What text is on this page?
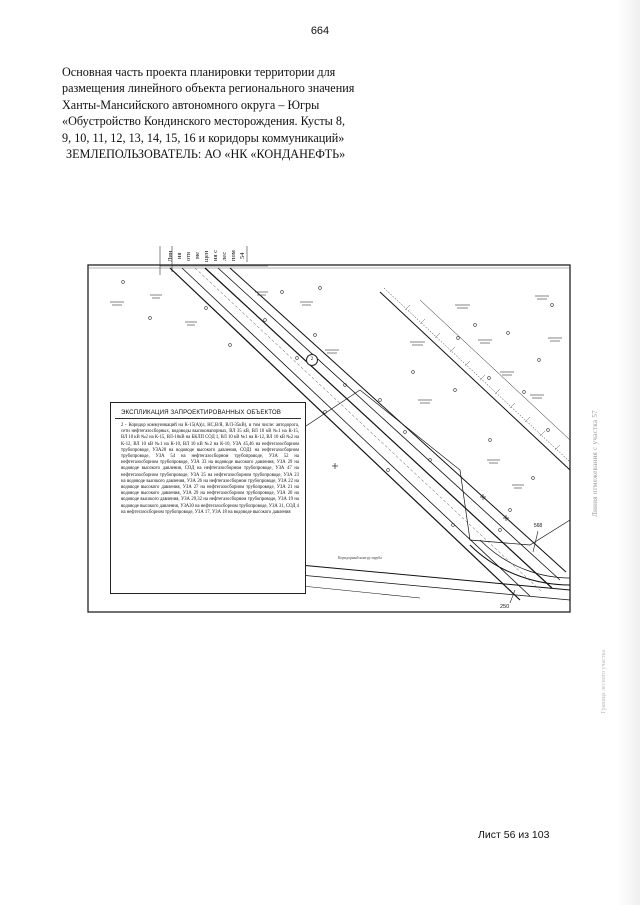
664
Основная часть проекта планировки территории для
размещения линейного объекта регионального значения
Ханты-Мансийского автономного округа – Югры
«Обустройство Кондинского месторождения. Кусты 8,
9, 10, 11, 12, 13, 14, 15, 16 и коридоры коммуникаций»
ЗЕМЛЕПОЛЬЗОВАТЕЛЬ: АО «НК «КОНДАНЕФТЬ»
Лин ия отв ме щен ия с лес пом 54
2
568
250
Коридорный контур заруба
ЭКСПЛИКАЦИЯ ЗАПРОЕКТИРОВАННЫХ ОБЪЕКТОВ
2 - Коридор коммуникаций на К-15(А)(л, НС,В/Я, В/Л-35кВ), в том числе: автодорога, сети нефтегазосборных, водоводы высоконапорных, ВЛ 35 кВ, ВЛ 10 кВ №1 на К-15, ВЛ 10 кВ №2 на К-15, ВЛ-10кВ на БКЛП СОД 1, ВЛ 10 кВ №1 на К-12, ВЛ 10 кВ №2 на К-12, ВЛ 10 кВ №1 на К-10, ВЛ 10 кВ №2 на К-10, УЗА 45,46 на нефтегазосборном трубопроводе, УЗА28 на водоводе высокого давления, СОД1 на нефтегазосборном трубопроводе, УЗА 54 на нефтегазосборном трубопроводе, УЗА 52 на нефтегазосборном трубопроводе, УЗА 33 на водоводе высокого давления, УЗА 29 на водоводе высокого давления, СОД на нефтегазосборном трубопроводе, УЗА 47 на нефтегазосборном трубопроводе, УЗА 25 на нефтегазосборном трубопроводе, УЗА 23 на водоводе высокого давления, УЗА 26 на нефтегазосборном трубопроводе, УЗА 22 на водоводе высокого давления, УЗА 27 на нефтегазосборном трубопроводе, УЗА 21 на водоводе высокого давления, УЗА 29 на нефтегазосборном трубопроводе, УЗА 20 на водоводе высокого давления, УЗА 29,32 на нефтегазосборном трубопроводе, УЗА 19 на водоводе высокого давления, УЗА30 на нефтегазосборном трубопроводе, УЗА 31, СОД 4 на нефтегазосборном трубопроводе, УЗА 17, УЗА 18 на водоводе высокого давления	Линия отмежевания с участка 57
Граница лесного участка
Лист 56 из 103
